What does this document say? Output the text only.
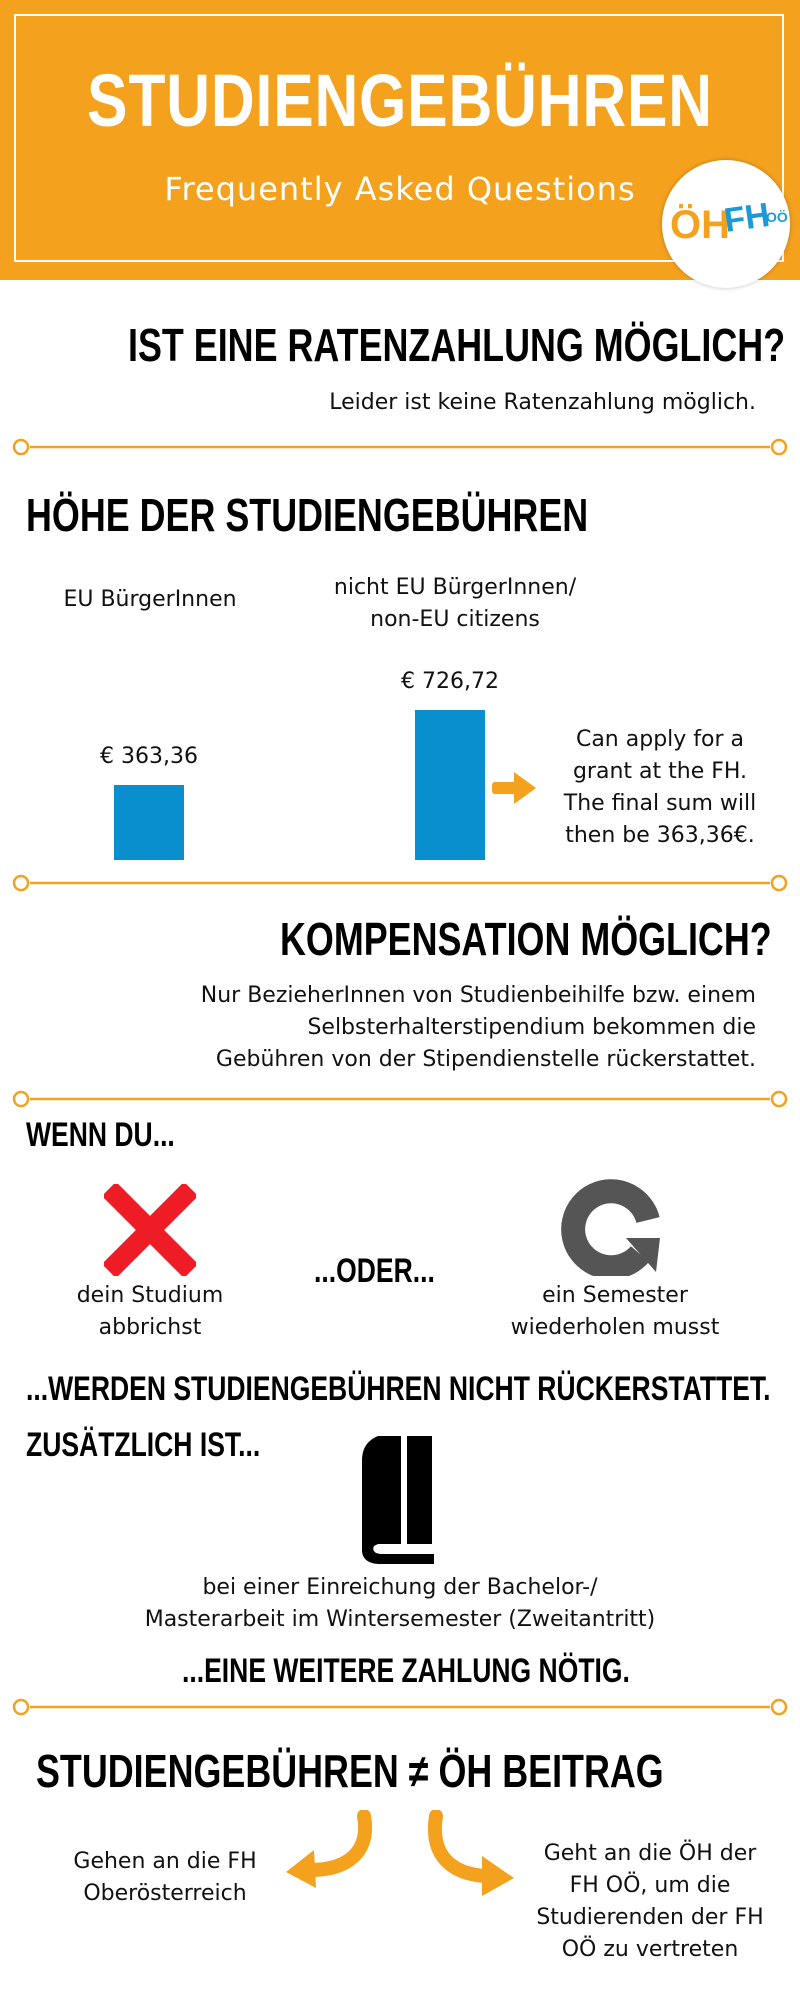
STUDIENGEBÜHREN
Frequently Asked Questions
ÖH
FH
OÖ
IST EINE RATENZAHLUNG MÖGLICH?
Leider ist keine Ratenzahlung möglich.
HÖHE DER STUDIENGEBÜHREN
EU BürgerInnen	nicht EU BürgerInnen/
non-EU citizens
€ 363,36
€ 726,72
Can apply for a
grant at the FH.
The final sum will
then be 363,36€.
KOMPENSATION MÖGLICH?
Nur BezieherInnen von Studienbeihilfe bzw. einem
Selbsterhalterstipendium bekommen die
Gebühren von der Stipendienstelle rückerstattet.
WENN DU...
dein Studium
abbrichst
...ODER...
ein Semester
wiederholen musst
...WERDEN STUDIENGEBÜHREN NICHT RÜCKERSTATTET.
ZUSÄTZLICH IST...
bei einer Einreichung der Bachelor-/
Masterarbeit im Wintersemester (Zweitantritt)
...EINE WEITERE ZAHLUNG NÖTIG.
STUDIENGEBÜHREN ≠ ÖH BEITRAG
Gehen an die FH
Oberösterreich
Geht an die ÖH der
FH OÖ, um die
Studierenden der FH
OÖ zu vertreten
